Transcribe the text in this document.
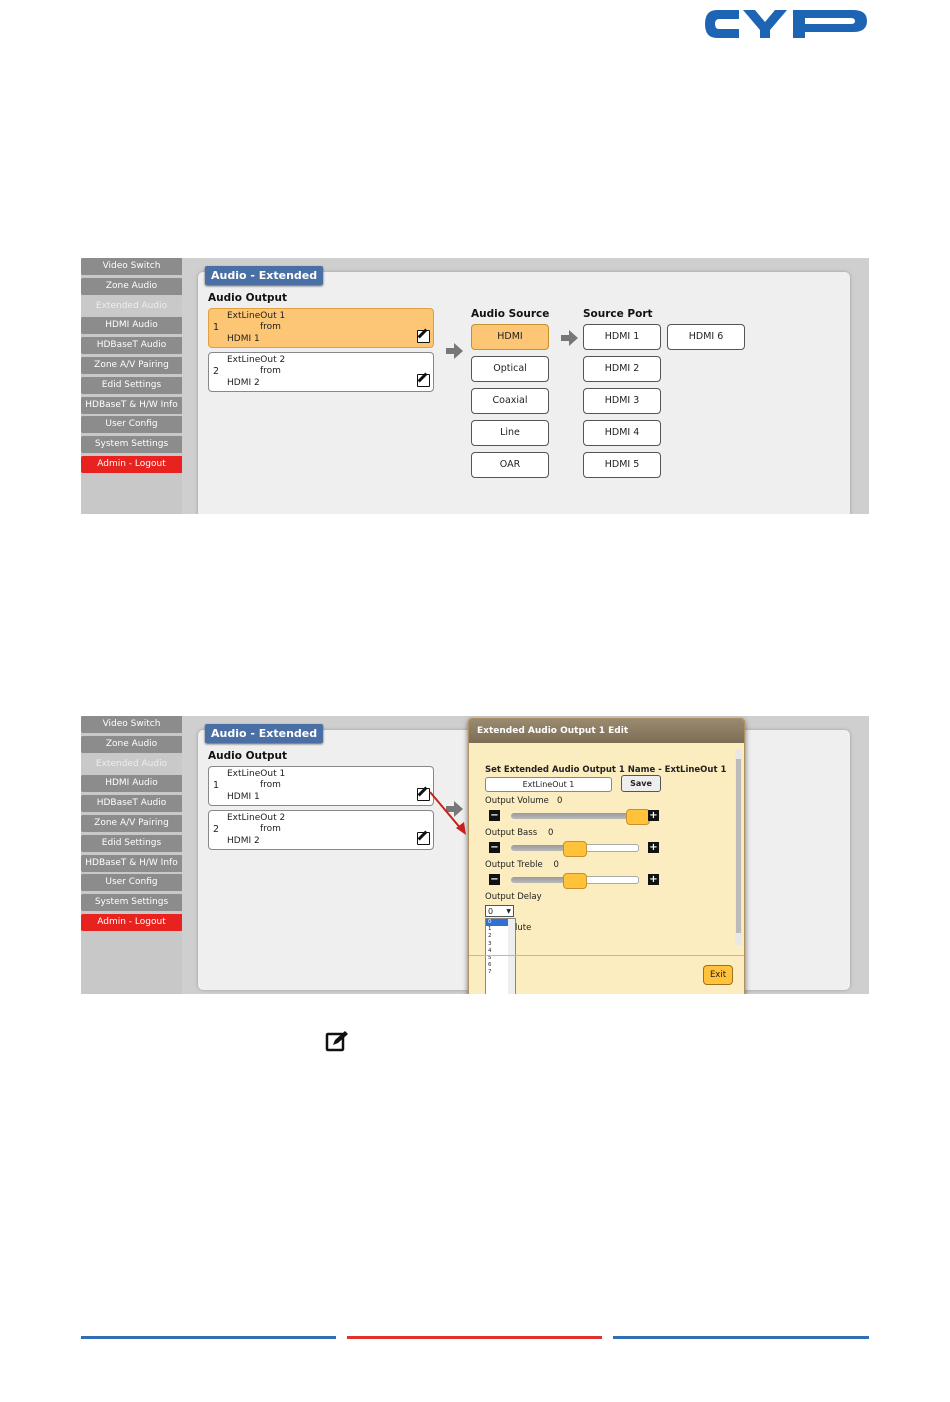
Video Switch
Zone Audio
Extended Audio
HDMI Audio
HDBaseT Audio
Zone A/V Pairing
Edid Settings
HDBaseT & H/W Info
User Config
System Settings
Admin - Logout
Audio - Extended
Audio Output
1
ExtLineOut 1
from
HDMI 1
2
ExtLineOut 2
from
HDMI 2
Audio Source
HDMI
Optical
Coaxial
Line
OAR
Source Port
HDMI 1
HDMI 2
HDMI 3
HDMI 4
HDMI 5
HDMI 6
Video Switch
Zone Audio
Extended Audio
HDMI Audio
HDBaseT Audio
Zone A/V Pairing
Edid Settings
HDBaseT & H/W Info
User Config
System Settings
Admin - Logout
Audio - Extended
Audio Output
1
ExtLineOut 1
from
HDMI 1
2
ExtLineOut 2
from
HDMI 2
Extended Audio Output 1 Edit
Set Extended Audio Output 1 Name - ExtLineOut 1
ExtLineOut 1	Save
Output Volume 0
−	+
Output Bass 0
−	+
Output Treble 0
−	+
Output Delay
0 ▼
0
1
2
3
4
5
6
7
lute
Exit
